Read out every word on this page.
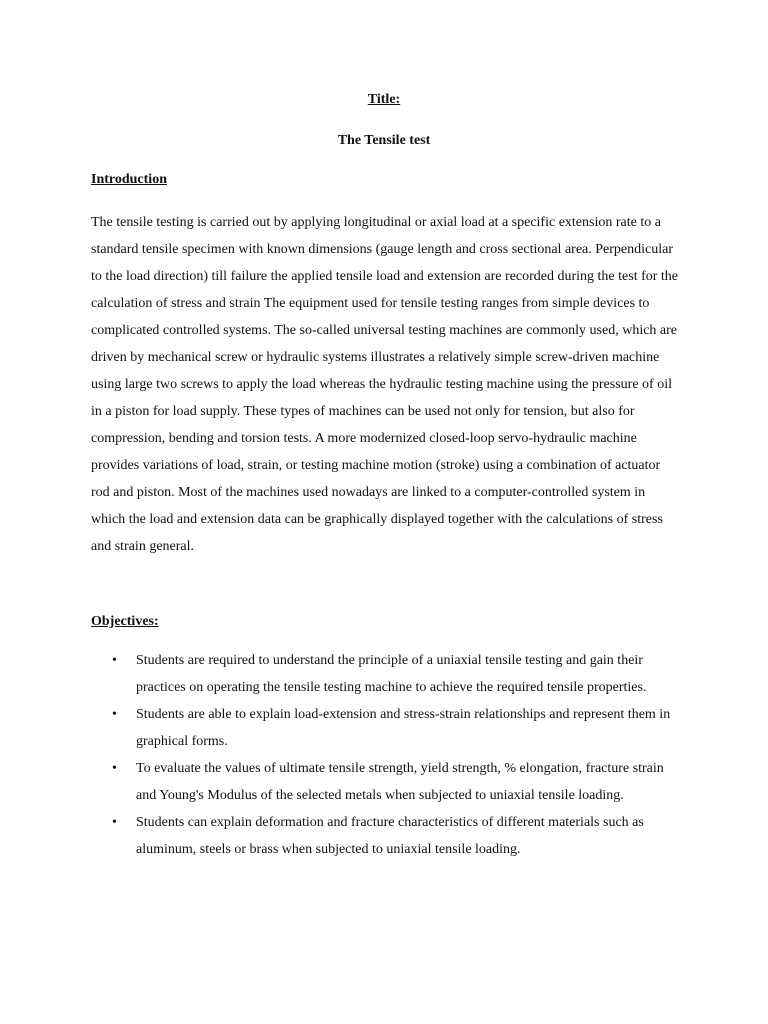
Title:

The Tensile test

Introduction

The tensile testing is carried out by applying longitudinal or axial load at a specific extension rate to a standard tensile specimen with known dimensions (gauge length and cross sectional area. Perpendicular to the load direction) till failure the applied tensile load and extension are recorded during the test for the calculation of stress and strain The equipment used for tensile testing ranges from simple devices to complicated controlled systems. The so-called universal testing machines are commonly used, which are driven by mechanical screw or hydraulic systems illustrates a relatively simple screw-driven machine using large two screws to apply the load whereas the hydraulic testing machine using the pressure of oil in a piston for load supply. These types of machines can be used not only for tension, but also for compression, bending and torsion tests. A more modernized closed-loop servo-hydraulic machine provides variations of load, strain, or testing machine motion (stroke) using a combination of actuator rod and piston. Most of the machines used nowadays are linked to a computer-controlled system in which the load and extension data can be graphically displayed together with the calculations of stress and strain general.

Objectives:

• Students are required to understand the principle of a uniaxial tensile testing and gain their practices on operating the tensile testing machine to achieve the required tensile properties.
• Students are able to explain load-extension and stress-strain relationships and represent them in graphical forms.
• To evaluate the values of ultimate tensile strength, yield strength, % elongation, fracture strain and Young's Modulus of the selected metals when subjected to uniaxial tensile loading.
• Students can explain deformation and fracture characteristics of different materials such as aluminum, steels or brass when subjected to uniaxial tensile loading.
